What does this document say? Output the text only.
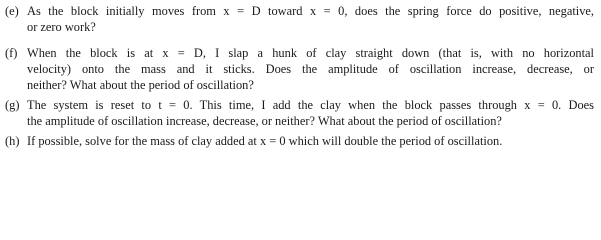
(e) As the block initially moves from x = D toward x = 0, does the spring force do positive, negative,
or zero work?
(f) When the block is at x = D, I slap a hunk of clay straight down (that is, with no horizontal
velocity) onto the mass and it sticks. Does the amplitude of oscillation increase, decrease, or
neither? What about the period of oscillation?
(g) The system is reset to t = 0. This time, I add the clay when the block passes through x = 0. Does
the amplitude of oscillation increase, decrease, or neither? What about the period of oscillation?
(h) If possible, solve for the mass of clay added at x = 0 which will double the period of oscillation.
